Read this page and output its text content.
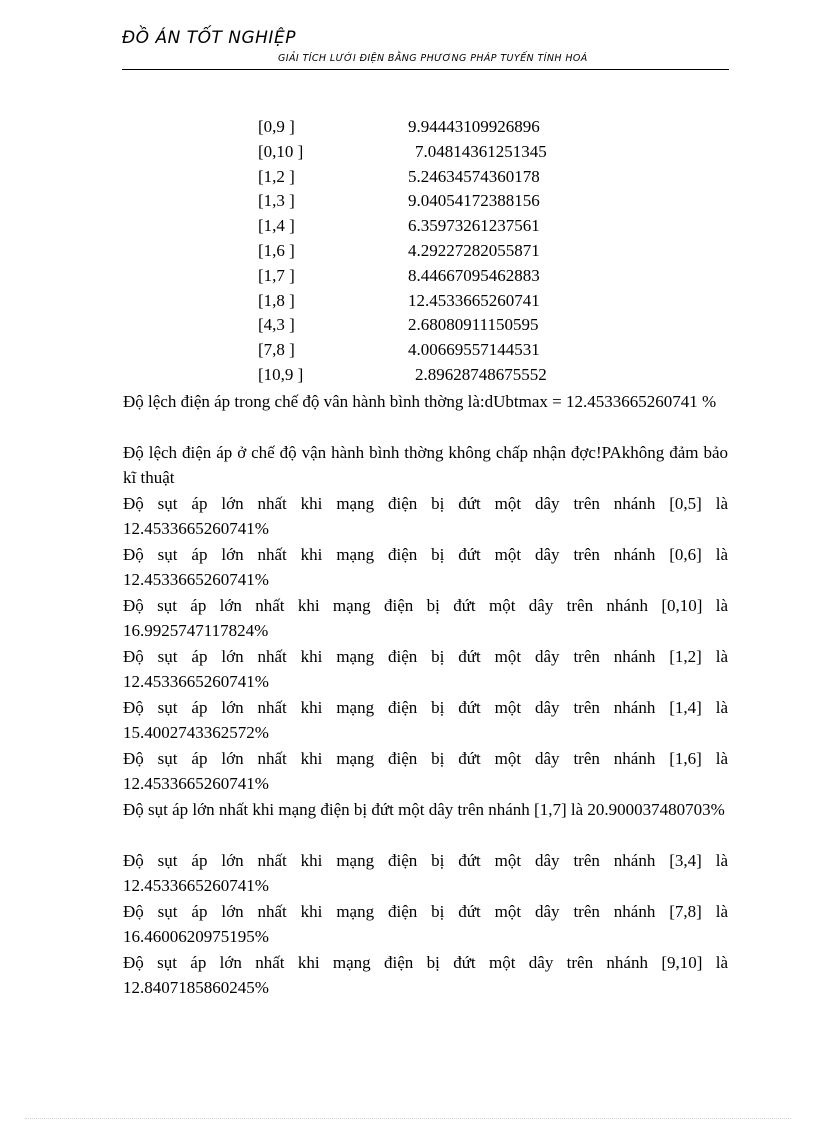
ĐỒ ÁN TỐT NGHIỆP
GIẢI TÍCH LƯỚI ĐIỆN BẰNG PHƯƠNG PHÁP TUYẾN TÍNH HOÁ
[0,9 ]	9.94443109926896
[0,10 ]	7.04814361251345
[1,2 ]	5.24634574360178
[1,3 ]	9.04054172388156
[1,4 ]	6.35973261237561
[1,6 ]	4.29227282055871
[1,7 ]	8.44667095462883
[1,8 ]	12.4533665260741
[4,3 ]	2.68080911150595
[7,8 ]	4.00669557144531
[10,9 ]	2.89628748675552
Độ lệch điện áp trong chế độ vân hành bình thờng là:dUbtmax = 12.4533665260741 %
Độ lệch điện áp ở chế độ vận hành bình thờng không chấp nhận đợc!PAkhông đảm bảo kĩ thuật
Độ sụt áp lớn nhất khi mạng điện bị đứt một dây trên nhánh [0,5] là 12.4533665260741%
Độ sụt áp lớn nhất khi mạng điện bị đứt một dây trên nhánh [0,6] là 12.4533665260741%
Độ sụt áp lớn nhất khi mạng điện bị đứt một dây trên nhánh [0,10] là 16.9925747117824%
Độ sụt áp lớn nhất khi mạng điện bị đứt một dây trên nhánh [1,2] là 12.4533665260741%
Độ sụt áp lớn nhất khi mạng điện bị đứt một dây trên nhánh [1,4] là 15.4002743362572%
Độ sụt áp lớn nhất khi mạng điện bị đứt một dây trên nhánh [1,6] là 12.4533665260741%
Độ sụt áp lớn nhất khi mạng điện bị đứt một dây trên nhánh [1,7] là 20.900037480703%
Độ sụt áp lớn nhất khi mạng điện bị đứt một dây trên nhánh [3,4] là 12.4533665260741%
Độ sụt áp lớn nhất khi mạng điện bị đứt một dây trên nhánh [7,8] là 16.4600620975195%
Độ sụt áp lớn nhất khi mạng điện bị đứt một dây trên nhánh [9,10] là 12.8407185860245%
